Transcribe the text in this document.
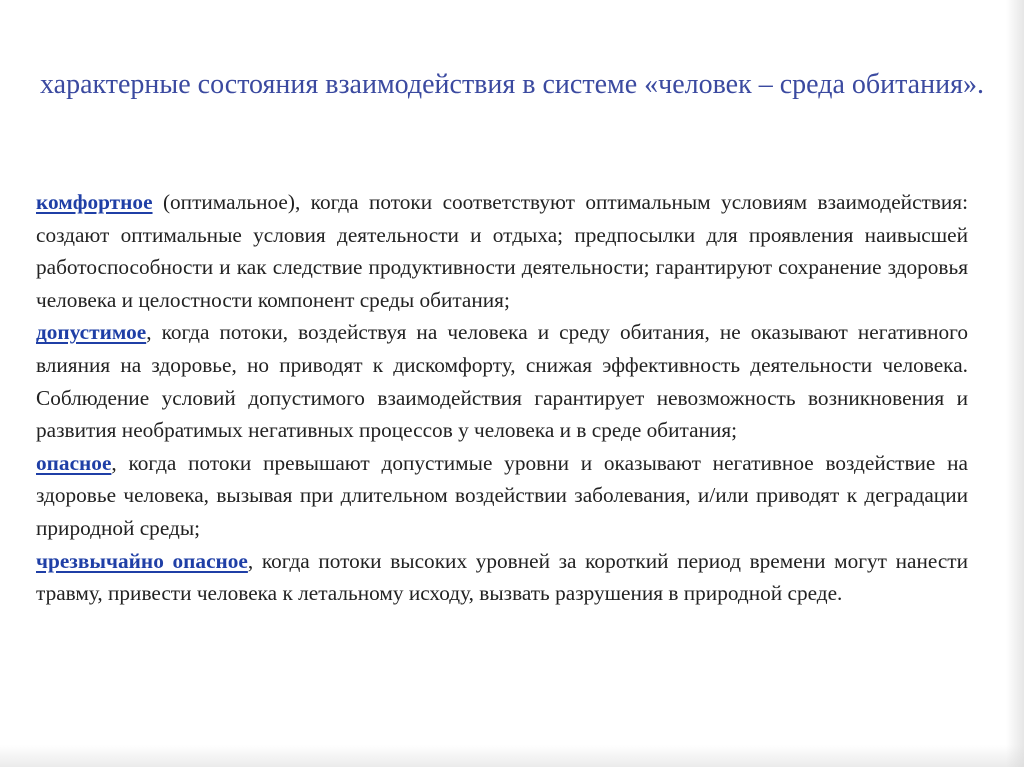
характерные состояния взаимодействия в системе «человек – среда обитания».

комфортное (оптимальное), когда потоки соответствуют оптимальным условиям взаимодействия: создают оптимальные условия деятельности и отдыха; предпосылки для проявления наивысшей работоспособности и как следствие продуктивности деятельности; гарантируют сохранение здоровья человека и целостности компонент среды обитания;

допустимое, когда потоки, воздействуя на человека и среду обитания, не оказывают негативного влияния на здоровье, но приводят к дискомфорту, снижая эффективность деятельности человека. Соблюдение условий допустимого взаимодействия гарантирует невозможность возникновения и развития необратимых негативных процессов у человека и в среде обитания;

опасное, когда потоки превышают допустимые уровни и оказывают негативное воздействие на здоровье человека, вызывая при длительном воздействии заболевания, и/или приводят к деградации природной среды;

чрезвычайно опасное, когда потоки высоких уровней за короткий период времени могут нанести травму, привести человека к летальному исходу, вызвать разрушения в природной среде.
